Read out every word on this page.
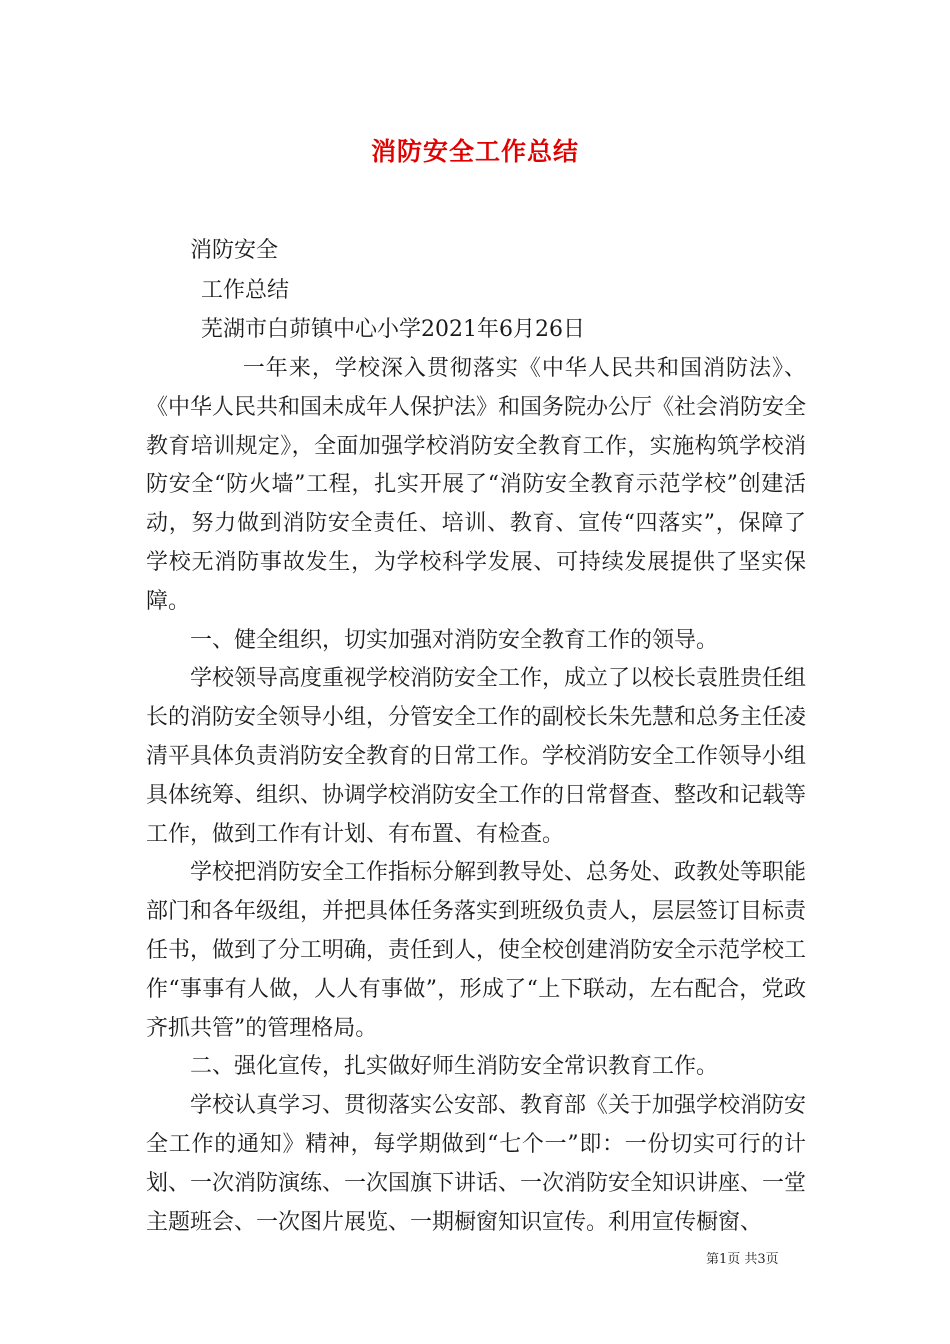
消防安全工作总结
消防安全
工作总结
芜湖市白茆镇中心小学2021年6月26日

一年来，学校深入贯彻落实《中华人民共和国消防法》、《中华人民共和国未成年人保护法》和国务院办公厅《社会消防安全教育培训规定》，全面加强学校消防安全教育工作，实施构筑学校消防安全“防火墙”工程，扎实开展了“消防安全教育示范学校”创建活动，努力做到消防安全责任、培训、教育、宣传“四落实”，保障了学校无消防事故发生，为学校科学发展、可持续发展提供了坚实保障。

一、健全组织，切实加强对消防安全教育工作的领导。

学校领导高度重视学校消防安全工作，成立了以校长袁胜贵任组长的消防安全领导小组，分管安全工作的副校长朱先慧和总务主任凌清平具体负责消防安全教育的日常工作。学校消防安全工作领导小组具体统筹、组织、协调学校消防安全工作的日常督查、整改和记载等工作，做到工作有计划、有布置、有检查。

学校把消防安全工作指标分解到教导处、总务处、政教处等职能部门和各年级组，并把具体任务落实到班级负责人，层层签订目标责任书，做到了分工明确，责任到人，使全校创建消防安全示范学校工作“事事有人做，人人有事做”，形成了“上下联动，左右配合，党政齐抓共管”的管理格局。

二、强化宣传，扎实做好师生消防安全常识教育工作。

学校认真学习、贯彻落实公安部、教育部《关于加强学校消防安全工作的通知》精神，每学期做到“七个一”即：一份切实可行的计划、一次消防演练、一次国旗下讲话、一次消防安全知识讲座、一堂主题班会、一次图片展览、一期橱窗知识宣传。利用宣传橱窗、

第1页 共3页
